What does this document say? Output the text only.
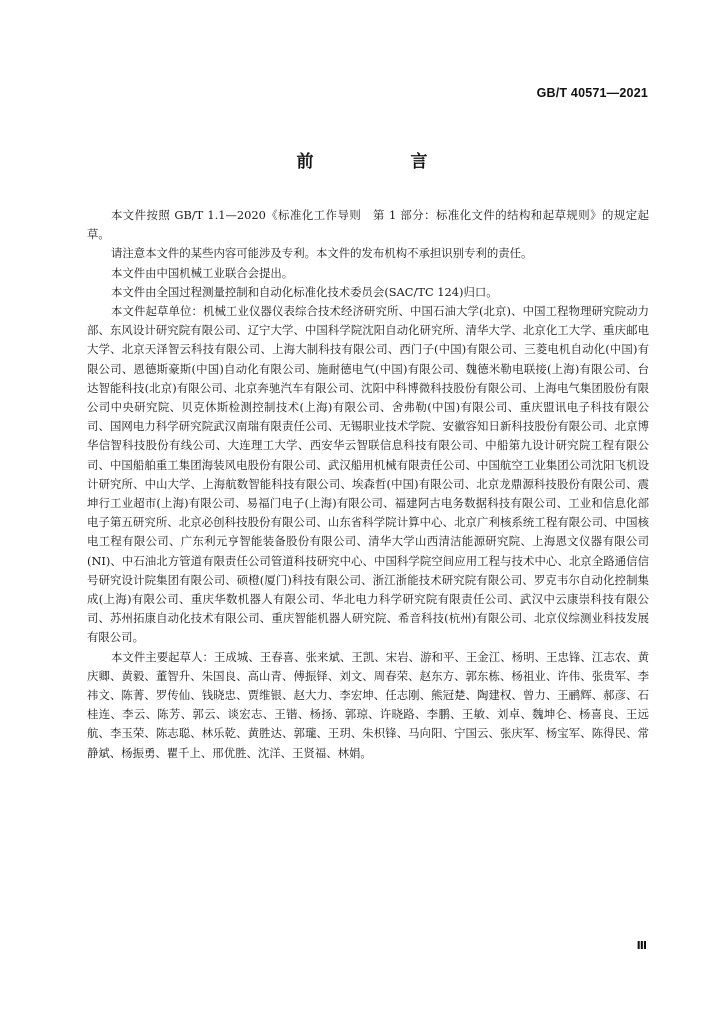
GB/T 40571—2021
前　言

本文件按照 GB/T 1.1—2020《标准化工作导则　第 1 部分：标准化文件的结构和起草规则》的规定起草。

请注意本文件的某些内容可能涉及专利。本文件的发布机构不承担识别专利的责任。

本文件由中国机械工业联合会提出。

本文件由全国过程测量控制和自动化标准化技术委员会(SAC/TC 124)归口。

本文件起草单位：机械工业仪器仪表综合技术经济研究所、中国石油大学(北京)、中国工程物理研究院动力部、东风设计研究院有限公司、辽宁大学、中国科学院沈阳自动化研究所、清华大学、北京化工大学、重庆邮电大学、北京天泽智云科技有限公司、上海大制科技有限公司、西门子(中国)有限公司、三菱电机自动化(中国)有限公司、恩德斯豪斯(中国)自动化有限公司、施耐德电气(中国)有限公司、魏德米勒电联接(上海)有限公司、台达智能科技(北京)有限公司、北京奔驰汽车有限公司、沈阳中科博微科技股份有限公司、上海电气集团股份有限公司中央研究院、贝克休斯检测控制技术(上海)有限公司、舍弗勒(中国)有限公司、重庆盟讯电子科技有限公司、国网电力科学研究院武汉南瑞有限责任公司、无锡职业技术学院、安徽容知日新科技股份有限公司、北京博华信智科技股份有线公司、大连理工大学、西安华云智联信息科技有限公司、中船第九设计研究院工程有限公司、中国船舶重工集团海装风电股份有限公司、武汉船用机械有限责任公司、中国航空工业集团公司沈阳飞机设计研究所、中山大学、上海航数智能科技有限公司、埃森哲(中国)有限公司、北京龙鼎源科技股份有限公司、震坤行工业超市(上海)有限公司、易福门电子(上海)有限公司、福建阿古电务数据科技有限公司、工业和信息化部电子第五研究所、北京必创科技股份有限公司、山东省科学院计算中心、北京广利核系统工程有限公司、中国核电工程有限公司、广东利元亨智能装备股份有限公司、清华大学山西清洁能源研究院、上海恩文仪器有限公司(NI)、中石油北方管道有限责任公司管道科技研究中心、中国科学院空间应用工程与技术中心、北京全路通信信号研究设计院集团有限公司、硕橙(厦门)科技有限公司、浙江浙能技术研究院有限公司、罗克韦尔自动化控制集成(上海)有限公司、重庆华数机器人有限公司、华北电力科学研究院有限责任公司、武汉中云康崇科技有限公司、苏州拓康自动化技术有限公司、重庆智能机器人研究院、希音科技(杭州)有限公司、北京仪综测业科技发展有限公司。

本文件主要起草人：王成城、王春喜、张来斌、王凯、宋岩、游和平、王金江、杨明、王忠锋、江志农、黄庆卿、黄毅、董智升、朱国良、高山青、傅振铎、刘文、周春荣、赵东方、郭东栋、杨祖业、许伟、张贵军、李祎文、陈菁、罗传仙、钱晓忠、贾维银、赵大力、李宏坤、任志刚、熊冠楚、陶建权、曾力、王鹂辉、郝彦、石桂连、李云、陈芳、郭云、谈宏志、王锴、杨扬、郭琼、许晓路、李鹏、王敏、刘卓、魏坤仑、杨喜良、王远航、李玉荣、陈志聪、林乐乾、黄胜达、郭瓏、王玥、朱枳锋、马向阳、宁国云、张庆军、杨宝军、陈得民、常静斌、杨振勇、瞿千上、邢优胜、沈洋、王贤福、林娟。

Ⅲ
